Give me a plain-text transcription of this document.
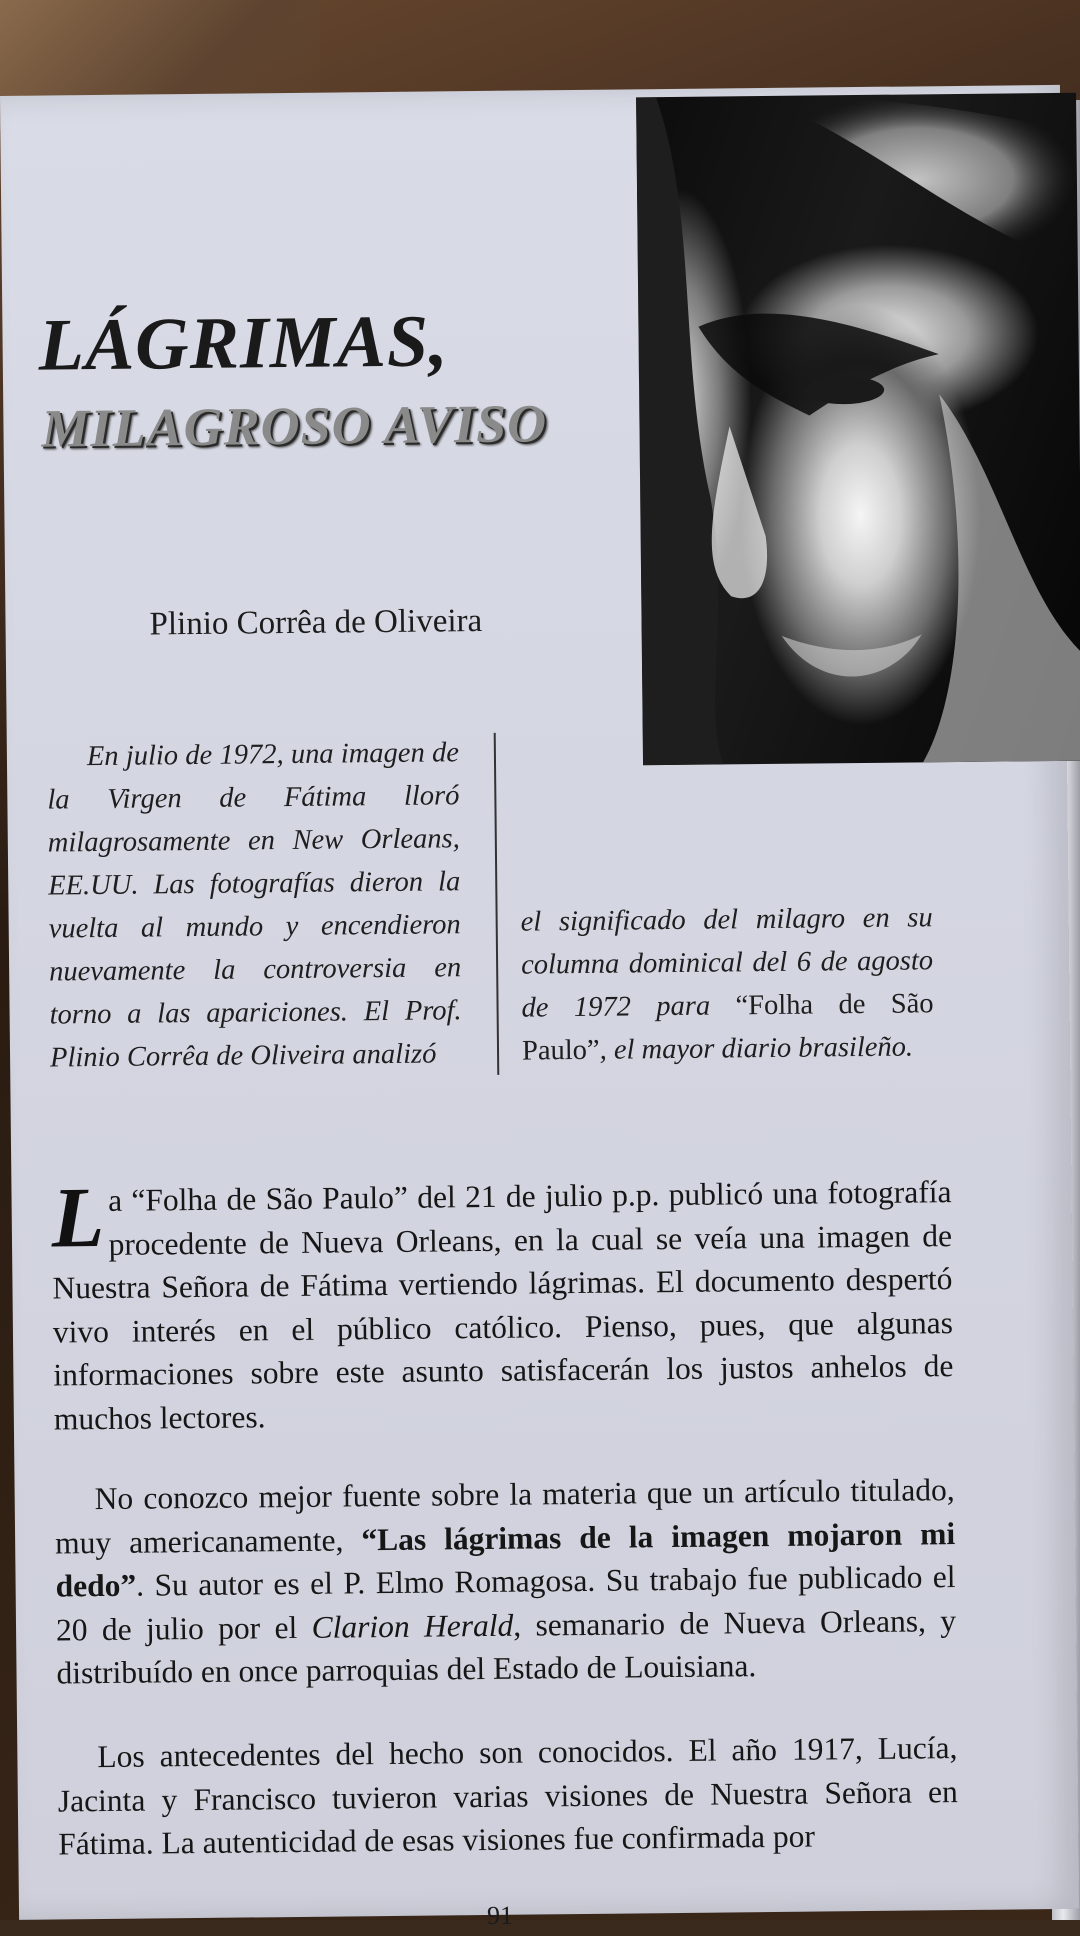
LÁGRIMAS,
MILAGROSO AVISO
Plinio Corrêa de Oliveira

En julio de 1972, una imagen de la Virgen de Fátima lloró milagrosamente en New Orleans, EE.UU. Las fotografías dieron la vuelta al mundo y encendieron nuevamente la controversia en torno a las apariciones. El Prof. Plinio Corrêa de Oliveira analizó

el significado del milagro en su columna dominical del 6 de agosto de 1972 para “Folha de São Paulo”, el mayor diario brasileño.

La “Folha de São Paulo” del 21 de julio p.p. publicó una fotografía procedente de Nueva Orleans, en la cual se veía una imagen de Nuestra Señora de Fátima vertiendo lágrimas. El documento despertó vivo interés en el público católico. Pienso, pues, que algunas informaciones sobre este asunto satisfacerán los justos anhelos de muchos lectores.

No conozco mejor fuente sobre la materia que un artículo titulado, muy americanamente, “Las lágrimas de la imagen mojaron mi dedo”. Su autor es el P. Elmo Romagosa. Su trabajo fue publicado el 20 de julio por el Clarion Herald, semanario de Nueva Orleans, y distribuído en once parroquias del Estado de Louisiana.

Los antecedentes del hecho son conocidos. El año 1917, Lucía, Jacinta y Francisco tuvieron varias visiones de Nuestra Señora en Fátima. La autenticidad de esas visiones fue confirmada por

91
